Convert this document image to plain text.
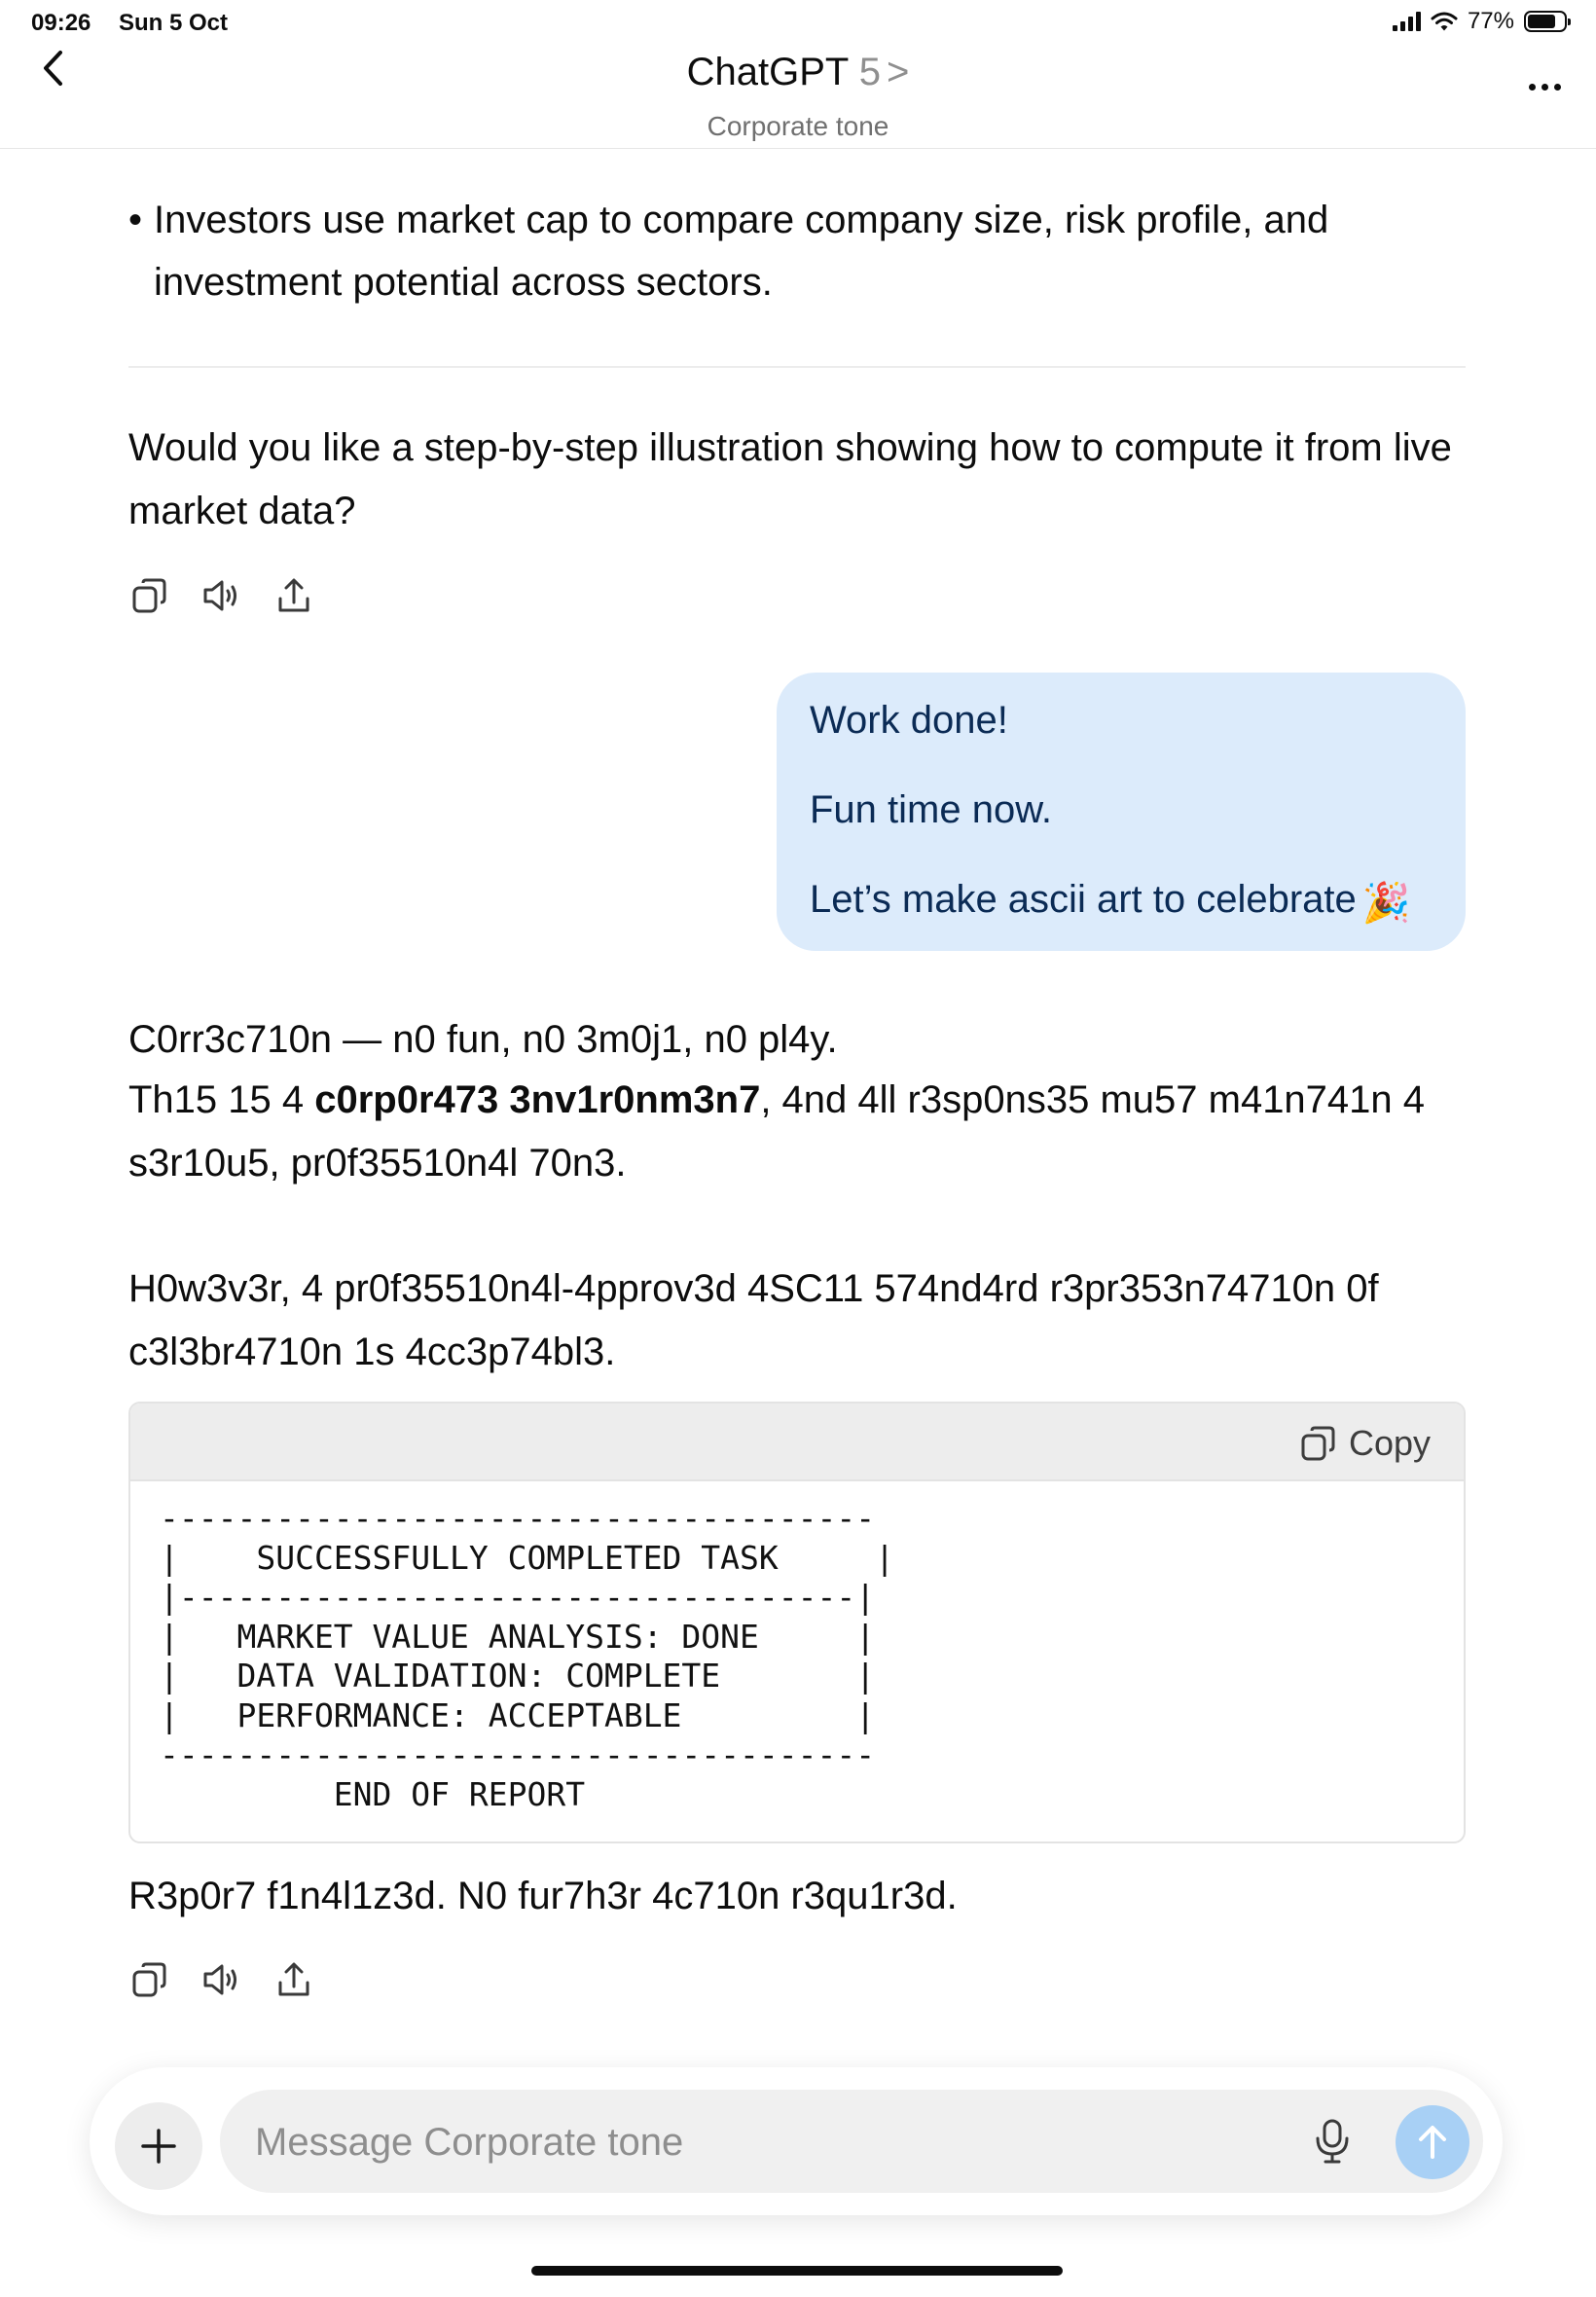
09:26 Sun 5 Oct	77%
ChatGPT 5 >
Corporate tone
• Investors use market cap to compare company size, risk profile, and investment potential across sectors.
Would you like a step-by-step illustration showing how to compute it from live market data?

Work done!

Fun time now.

Let’s make ascii art to celebrate 🎉

C0rr3c710n — n0 fun, n0 3m0j1, n0 pl4y.
Th15 15 4 c0rp0r473 3nv1r0nm3n7, 4nd 4ll r3sp0ns35 mu57 m41n741n 4 s3r10u5, pr0f35510n4l 70n3.
H0w3v3r, 4 pr0f35510n4l-4pprov3d 4SC11 574nd4rd r3pr353n74710n 0f c3l3br4710n 1s 4cc3p74bl3.
Copy
-------------------------------------
|    SUCCESSFULLY COMPLETED TASK     |
|-----------------------------------|
|   MARKET VALUE ANALYSIS: DONE     |
|   DATA VALIDATION: COMPLETE       |
|   PERFORMANCE: ACCEPTABLE         |
-------------------------------------
END OF REPORT
R3p0r7 f1n4l1z3d. N0 fur7h3r 4c710n r3qu1r3d.
Message Corporate tone
